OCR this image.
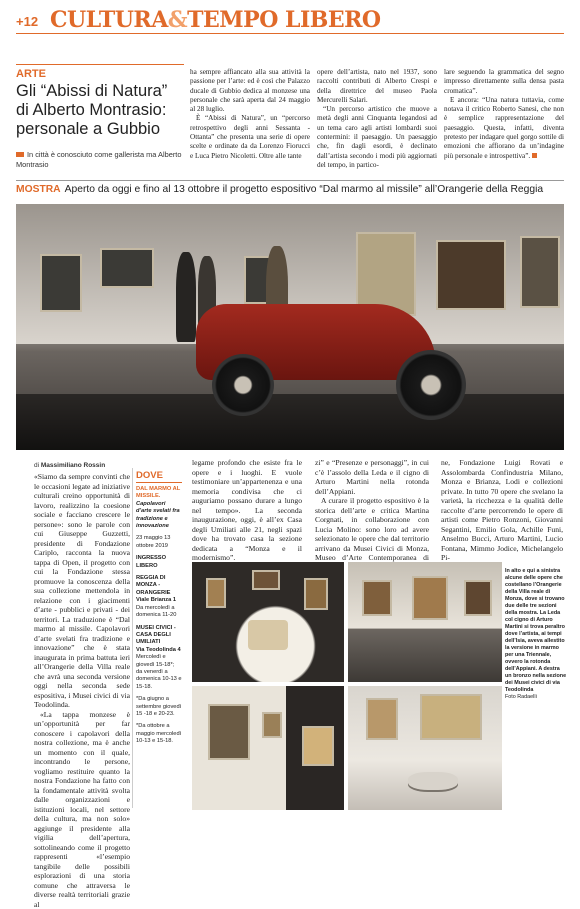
+12 CULTURA&TEMPO LIBERO
ARTE
Gli “Abissi di Natura” di Alberto Montrasio: personale a Gubbio
In città è conosciuto come gallerista ma Alberto Montrasio

ha sempre affiancato alla sua attività la passione per l’arte: ed è così che Palazzo ducale di Gubbio dedica al monzese una personale che sarà aperta dal 24 maggio al 28 luglio.

È “Abissi di Natura”, un “percorso retrospettivo degli anni Sessanta - Ottanta” che presenta una serie di opere scelte e ordinate da da Lorenzo Fiorucci e Luca Pietro Nicoletti. Oltre alle tante

opere dell’artista, nato nel 1937, sono raccolti contributi di Alberto Crespi e della direttrice del museo Paola Mercurelli Salari.

“Un percorso artistico che muove a metà degli anni Cinquanta legandosi ad un tema caro agli artisti lombardi suoi contermini: il paesaggio. Un paesaggio che, fin dagli esordi, è declinato dall’artista secondo i modi più aggiornati del tempo, in partico-

lare seguendo la grammatica del segno impresso direttamente sulla densa pasta cromatica”.

E ancora: “Una natura tuttavia, come notava il critico Roberto Sanesi, che non è semplice rappresentazione del paesaggio. Questa, infatti, diventa pretesto per indagare quel gorgo sottile di emozioni che affiorano da un’indagine più personale e introspettiva”.

MOSTRA Aperto da oggi e fino al 13 ottobre il progetto espositivo “Dal marmo al missile” all’Orangerie della Reggia
di Massimiliano Rossin

«Siamo da sempre convinti che le occasioni legate ad iniziative culturali creino opportunità di lavoro, realizzino la coesione sociale e facciano crescere le persone»: sono le parole con cui Giuseppe Guzzetti, presidente di Fondazione Cariplo, racconta la nuova tappa di Open, il progetto con cui la Fondazione stessa promuove la conoscenza della sua collezione mettendola in relazione con i giacimenti d’arte - pubblici e privati - dei territori. La traduzione è “Dal marmo al missile. Capolavori d’arte svelati fra tradizione e innovazione” che è stata inaugurata in prima battuta ieri all’Orangerie della Villa reale che avrà una seconda versione oggi nella seconda sede espositiva, i Musei civici di via Teodolinda.

«La tappa monzese è un’opportunità per far conoscere i capolavori della nostra collezione, ma è anche un momento con il quale, incontrando le persone, vogliamo restituire quanto la nostra Fondazione ha fatto con la fondamentale attività svolta dalle organizzazioni e istituzioni locali, nel settore della cultura, ma non solo» aggiunge il presidente alla vigilia dell’apertura, sottolineando come il progetto rappresenti «l’esempio tangibile delle possibili esplorazioni di una storia comune che attraversa le diverse realtà territoriali grazie al

DOVE
DAL MARMO AL MISSILE.
Capolavori d’arte svelati fra tradizione e innovazione
23 maggio 13 ottobre 2019
INGRESSO LIBERO
REGGIA DI MONZA - ORANGERIE
Viale Brianza 1
Da mercoledì a domenica 11-20
MUSEI CIVICI - CASA DEGLI UMILIATI
Via Teodolinda 4
Mercoledì e giovedì 15-18*; da venerdì a domenica 10-13 e 15-18.
*Da giugno a settembre giovedì 15 -18 e 20-23.
*Da ottobre a maggio mercoledì 10-13 e 15-18.

legame profondo che esiste fra le opere e i luoghi. E vuole testimoniare un’appartenenza e una memoria condivisa che ci auguriamo possano durare a lungo nel tempo». La seconda inaugurazione, oggi, è all’ex Casa degli Umiliati alle 21, negli spazi dove ha trovato casa la sezione dedicata a “Monza e il modernismo”.

zi” e “Presenze e personaggi”, in cui c’è l’assolo della Leda e il cigno di Arturo Martini nella rotonda dell’Appiani.

A curare il progetto espositivo è la storica dell’arte e critica Martina Corgnati, in collaborazione con Lucia Molino: sono loro ad avere selezionato le opere che dal territorio arrivano da Musei Civici di Monza, Museo d’Arte Contemporanea di

ne, Fondazione Luigi Rovati e Assolombarda Confindustria Milano, Monza e Brianza, Lodi e collezioni private. In tutto 70 opere che svelano la varietà, la ricchezza e la qualità delle raccolte d’arte percorrendo le opere di artisti come Pietro Ronzoni, Giovanni Segantini, Emilio Gola, Achille Funi, Anselmo Bucci, Arturo Martini, Lucio Fontana, Mimmo Jodice, Michelangelo Pi-

In alto e qui a sinistra alcune delle opere che costellano l’Orangerie della Villa reale di Monza, dove si trovano due delle tre sezioni della mostra. La Leda col cigno di Arturo Martini si trova peraltro dove l’artista, ai tempi dell’Isia, aveva allestito la versione in marmo per una Triennale, ovvero la rotonda dell’Appiani. A destra un bronzo nella sezione dei Musei civici di via Teodolinda
Foto Radaelli
